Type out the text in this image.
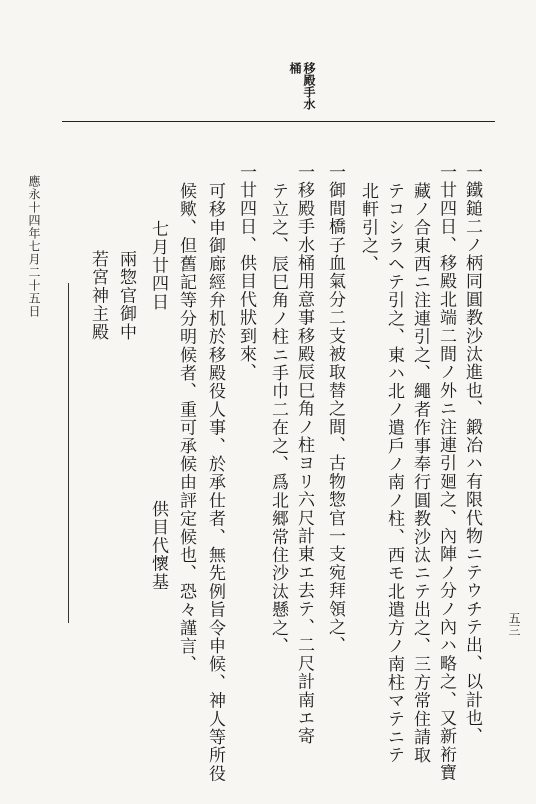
移殿手水
桶
一鐵鎚二ノ柄同圓教沙汰進也、鍛冶ハ有限代物ニテウチテ出、以計也、
一廿四日、移殿北端二間ノ外ニ注連引廻之、內陣ノ分ノ內ハ略之、又新裄寶
藏ノ合東西ニ注連引之、繩者作事奉行圓教沙汰ニテ出之、三方常住請取
テコシラヘテ引之、東ハ北ノ遣戶ノ南ノ柱、西モ北遣方ノ南柱マテニテ
北軒引之、
一御間橋子血氣分二支被取替之間、古物惣官一支宛拜領之、
一移殿手水桶用意事移殿辰巳角ノ柱ヨリ六尺計東エ去テ、二尺計南エ寄
テ立之、辰巳角ノ柱ニ手巾二在之、爲北郷常住沙汰懸之、
一廿四日、供目代狀到來、
可移申御廊經弁机於移殿役人事、於承仕者、無先例旨令申候、神人等所役
候歟、但舊記等分明候者、重可承候由評定候也、恐々謹言、
供目代懷基
七月廿四日
兩惣官御中
若宮神主殿
應永十四年七月二十五日
五三
